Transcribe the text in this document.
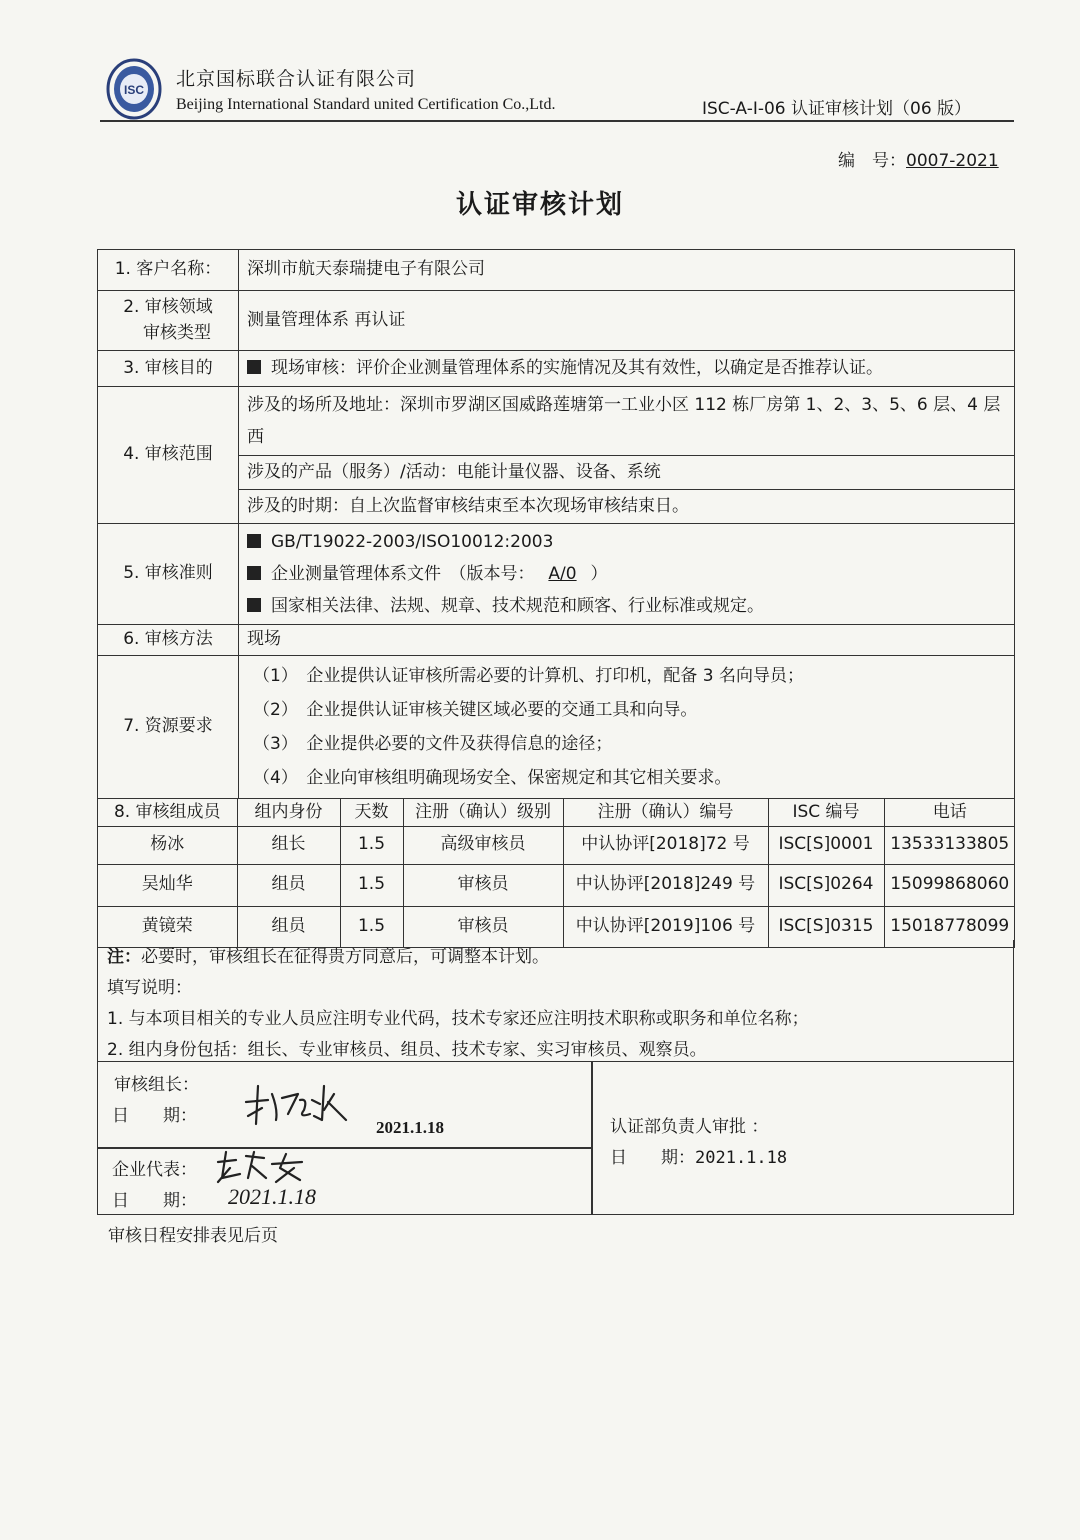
ISC 北京国标联合认证有限公司
Beijing International Standard united Certification Co.,Ltd.	ISC-A-I-06 认证审核计划（06 版）
编　号：0007-2021
认证审核计划
1. 客户名称：	深圳市航天泰瑞捷电子有限公司

2. 审核领域
审核类型
	测量管理体系 再认证
3. 审核目的	现场审核：评价企业测量管理体系的实施情况及其有效性，以确定是否推荐认证。
4. 审核范围	
涉及的场所及地址：深圳市罗湖区国威路莲塘第一工业小区 112 栋厂房第 1、2、3、5、6 层、4 层西
涉及的产品（服务）/活动：电能计量仪器、设备、系统
涉及的时期：自上次监督审核结束至本次现场审核结束日。

5. 审核准则	
GB/T19022-2003/ISO10012:2003
企业测量管理体系文件　（版本号： A/0 ）
国家相关法律、法规、规章、技术规范和顾客、行业标准或规定。

6. 审核方法	现场
7. 资源要求	
（1）　企业提供认证审核所需必要的计算机、打印机，配备 3 名向导员；
（2）　企业提供认证审核关键区域必要的交通工具和向导。
（3）　企业提供必要的文件及获得信息的途径；
（4）　企业向审核组明确现场安全、保密规定和其它相关要求。

8. 审核组成员	组内身份	天数	注册（确认）级别	注册（确认）编号	ISC 编号	电话
杨冰	组长	1.5	高级审核员	中认协评[2018]72 号	ISC[S]0001	13533133805
吴灿华	组员	1.5	审核员	中认协评[2018]249 号	ISC[S]0264	15099868060
黄镜荣	组员	1.5	审核员	中认协评[2019]106 号	ISC[S]0315	15018778099
注：必要时，审核组长在征得贵方同意后，可调整本计划。
填写说明：
1. 与本项目相关的专业人员应注明专业代码，技术专家还应注明技术职称或职务和单位名称；
2. 组内身份包括：组长、专业审核员、组员、技术专家、实习审核员、观察员。
审核组长：
日　　期：
2021.1.18
企业代表：
日　　期： 2021.1.18
认证部负责人审批 ：
日　　期：2021.1.18
审核日程安排表见后页
